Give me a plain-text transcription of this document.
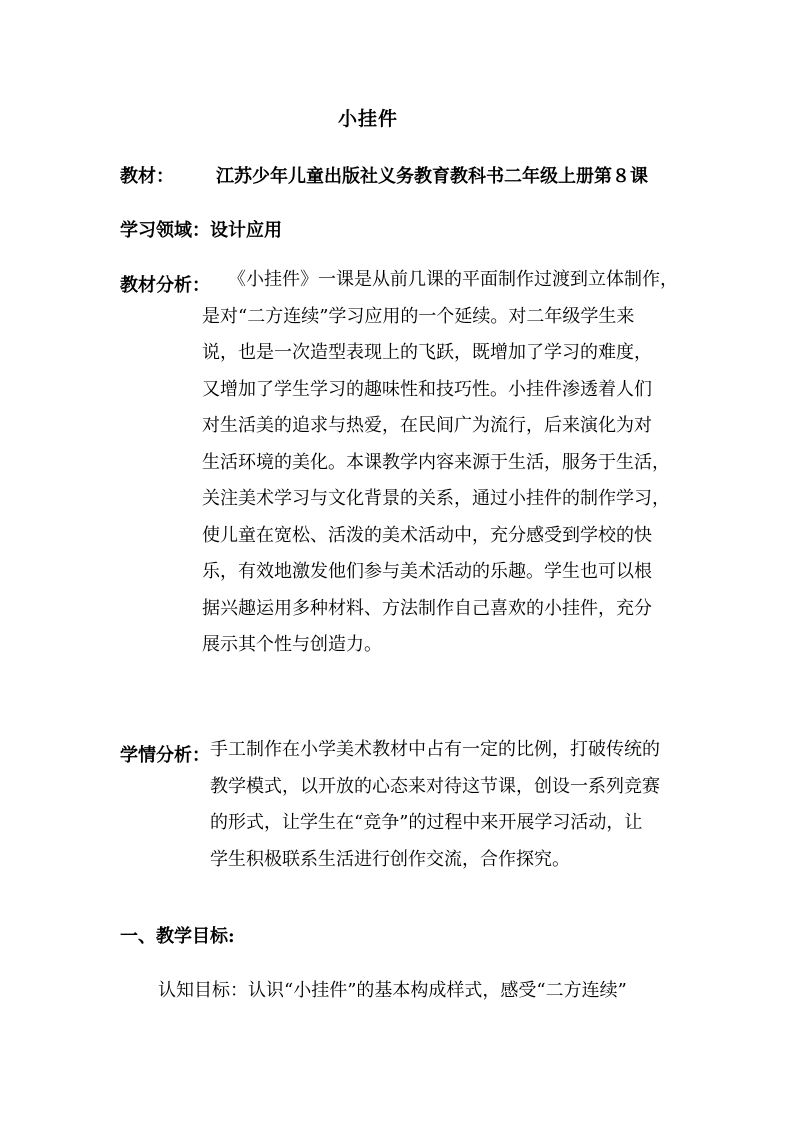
小挂件
教材： 江苏少年儿童出版社义务教育教科书二年级上册第８课
学习领域：设计应用
教材分析： 《小挂件》一课是从前几课的平面制作过渡到立体制作，
是对“二方连续”学习应用的一个延续。对二年级学生来
说，也是一次造型表现上的飞跃，既增加了学习的难度，
又增加了学生学习的趣味性和技巧性。小挂件渗透着人们
对生活美的追求与热爱，在民间广为流行，后来演化为对
生活环境的美化。本课教学内容来源于生活，服务于生活，
关注美术学习与文化背景的关系，通过小挂件的制作学习，
使儿童在宽松、活泼的美术活动中，充分感受到学校的快
乐，有效地激发他们参与美术活动的乐趣。学生也可以根
据兴趣运用多种材料、方法制作自己喜欢的小挂件，充分
展示其个性与创造力。
学情分析： 手工制作在小学美术教材中占有一定的比例，打破传统的
教学模式，以开放的心态来对待这节课，创设一系列竞赛
的形式，让学生在“竞争”的过程中来开展学习活动，让
学生积极联系生活进行创作交流，合作探究。
一、教学目标:
认知目标：认识“小挂件”的基本构成样式，感受“二方连续”
